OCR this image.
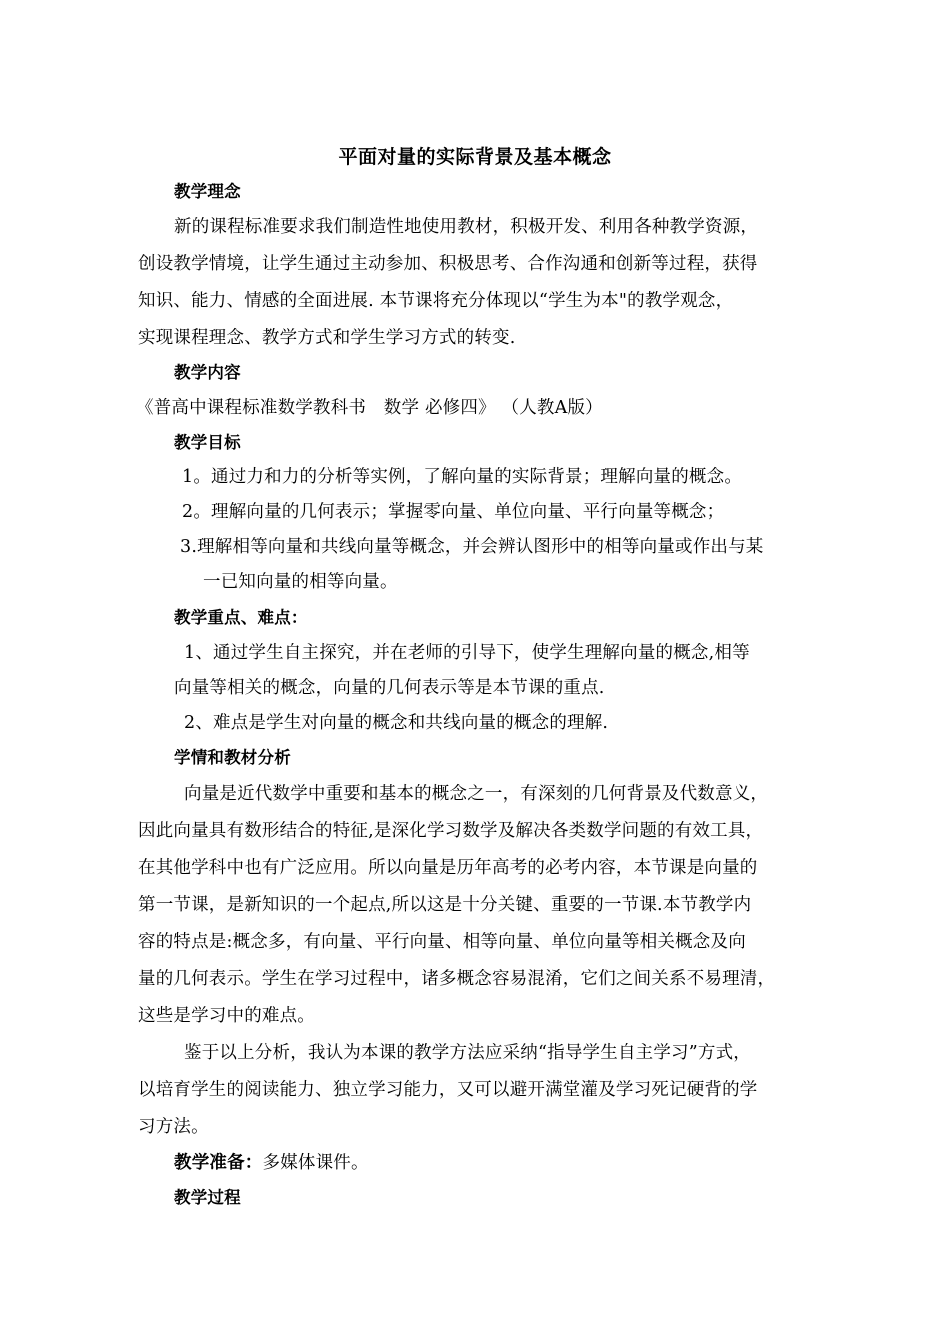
平面对量的实际背景及基本概念
教学理念
新的课程标准要求我们制造性地使用教材，积极开发、利用各种教学资源，
创设教学情境，让学生通过主动参加、积极思考、合作沟通和创新等过程，获得
知识、能力、情感的全面进展. 本节课将充分体现以“学生为本"的教学观念，
实现课程理念、教学方式和学生学习方式的转变.
教学内容
《普高中课程标准数学教科书　数学 必修四》 （人教A版）
教学目标
1。通过力和力的分析等实例，了解向量的实际背景；理解向量的概念。
2。理解向量的几何表示；掌握零向量、单位向量、平行向量等概念；
3.理解相等向量和共线向量等概念，并会辨认图形中的相等向量或作出与某
一已知向量的相等向量。
教学重点、难点：
1、通过学生自主探究，并在老师的引导下，使学生理解向量的概念,相等
向量等相关的概念，向量的几何表示等是本节课的重点.
2、难点是学生对向量的概念和共线向量的概念的理解.
学情和教材分析
向量是近代数学中重要和基本的概念之一，有深刻的几何背景及代数意义，
因此向量具有数形结合的特征,是深化学习数学及解决各类数学问题的有效工具，
在其他学科中也有广泛应用。所以向量是历年高考的必考内容，本节课是向量的
第一节课，是新知识的一个起点,所以这是十分关键、重要的一节课.本节教学内
容的特点是:概念多，有向量、平行向量、相等向量、单位向量等相关概念及向
量的几何表示。学生在学习过程中，诸多概念容易混淆，它们之间关系不易理清，
这些是学习中的难点。
鉴于以上分析，我认为本课的教学方法应采纳“指导学生自主学习”方式，
以培育学生的阅读能力、独立学习能力，又可以避开满堂灌及学习死记硬背的学
习方法。
教学准备：多媒体课件。
教学过程
